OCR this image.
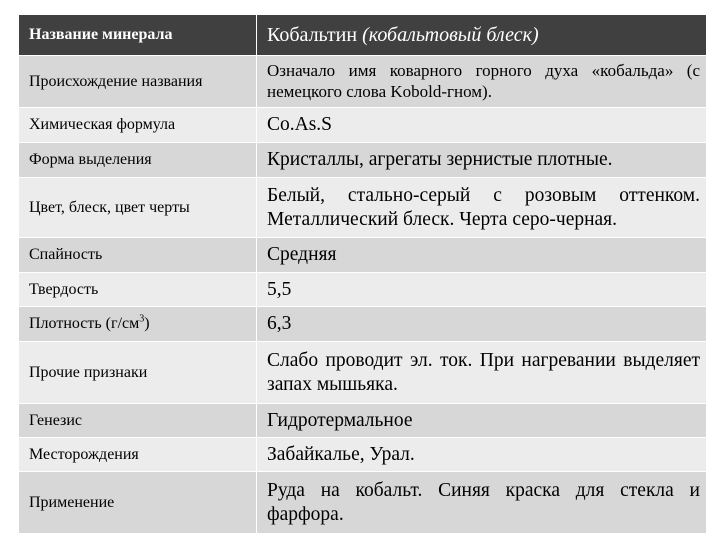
Название минерала	Кобальтин (кобальтовый блеск)
Происхождение названия	Означало имя коварного горного духа «кобальда» (с немецкого слова Kobold-гном).
Химическая формула	Co.As.S
Форма выделения	Кристаллы, агрегаты зернистые плотные.
Цвет, блеск, цвет черты	Белый, стально-серый с розовым оттенком. Металлический блеск. Черта серо-черная.
Спайность	Средняя
Твердость	5,5
Плотность $(г/см^3)$	6,3
Прочие признаки	Слабо проводит эл. ток. При нагревании выделяет запах мышьяка.
Генезис	Гидротермальное
Месторождения	Забайкалье, Урал.
Применение	Руда на кобальт. Синяя краска для стекла и фарфора.
